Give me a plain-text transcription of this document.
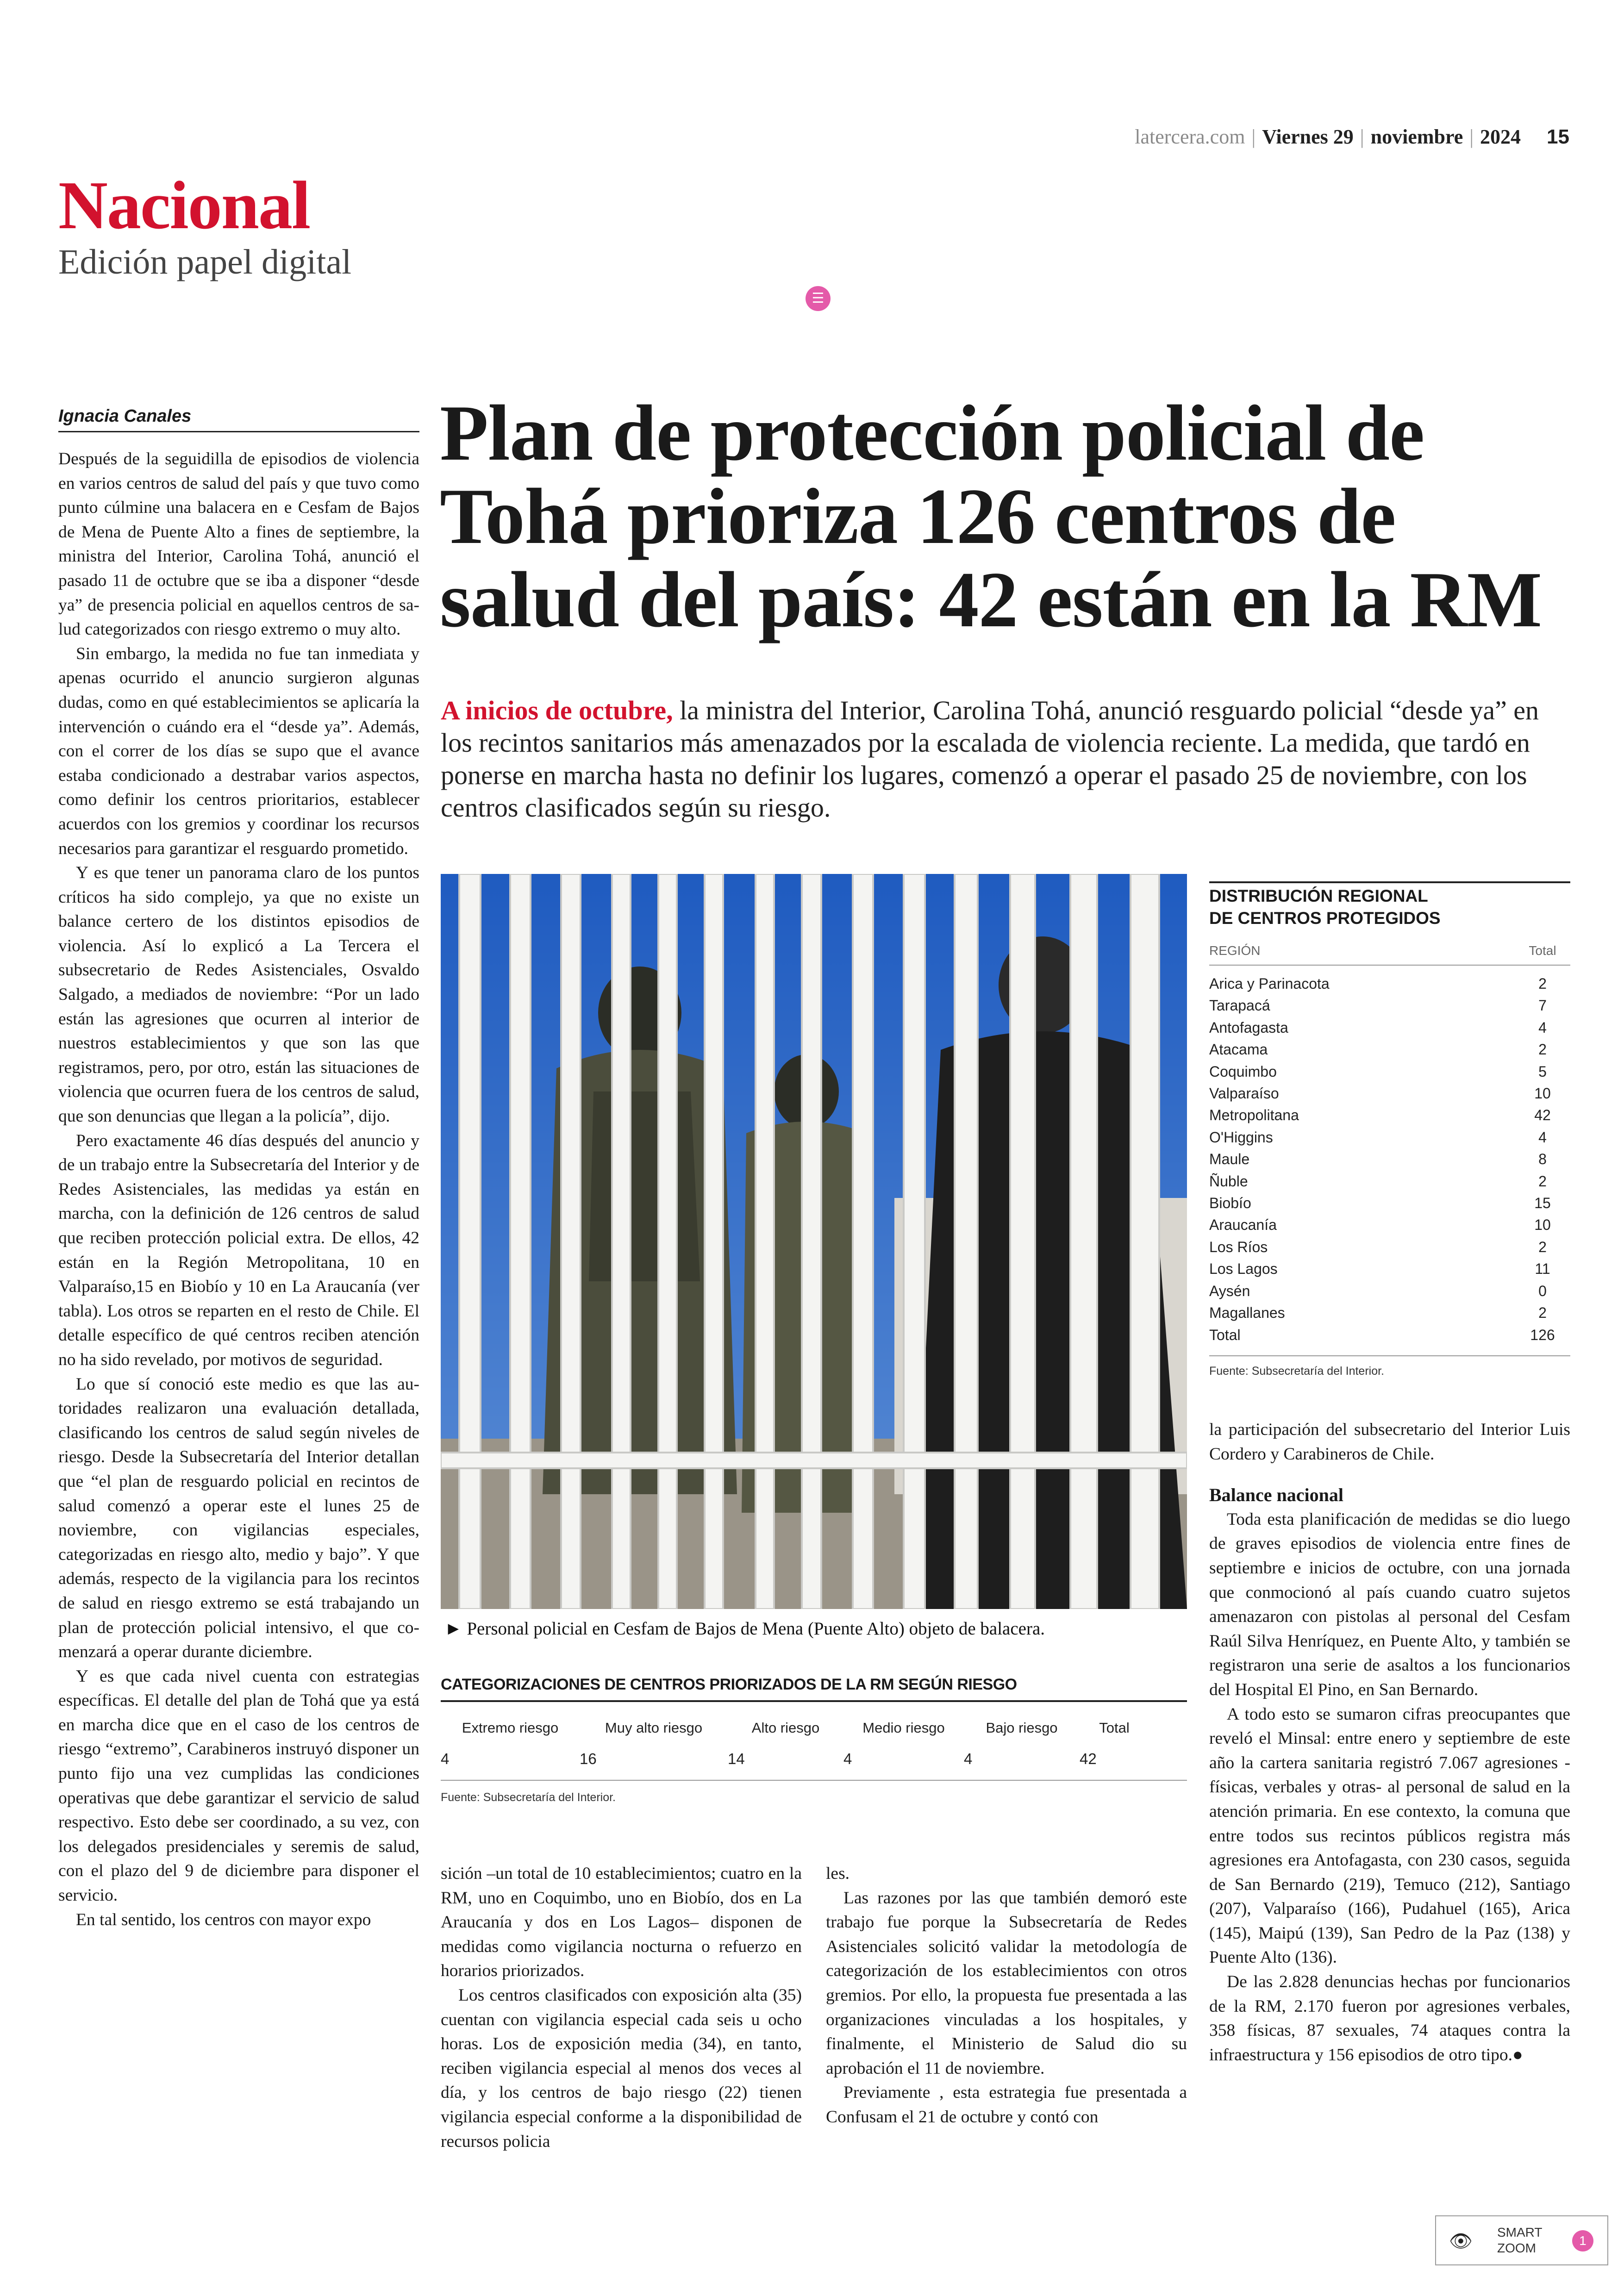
latercera.com | Viernes 29 | noviembre | 2024 15
Nacional
Edición papel digital
☰
Ignacia Canales

Después de la seguidilla de episodios de violencia en varios centros de salud del país y que tuvo como punto cúlmine una balacera en e Cesfam de Bajos de Mena de Puente Alto a fines de septiembre, la ministra del Interior, Carolina Tohá, anunció el pasado 11 de octubre que se iba a disponer “desde ya” de presencia policial en aquellos centros de salud categorizados con riesgo extremo o muy alto.

Sin embargo, la medida no fue tan inmediata y apenas ocurrido el anuncio surgieron algunas dudas, como en qué establecimientos se aplicaría la intervención o cuándo era el “desde ya”. Además, con el correr de los días se supo que el avance estaba condicionado a destrabar varios aspectos, como definir los centros prioritarios, establecer acuerdos con los gremios y coordinar los recursos necesarios para garantizar el resguardo prometido.

Y es que tener un panorama claro de los puntos críticos ha sido complejo, ya que no existe un balance certero de los distintos episodios de violencia. Así lo explicó a La Tercera el subsecretario de Redes Asistenciales, Osvaldo Salgado, a mediados de noviembre: “Por un lado están las agresiones que ocurren al interior de nuestros establecimientos y que son las que registramos, pero, por otro, están las situaciones de violencia que ocurren fuera de los centros de salud, que son denuncias que llegan a la policía”, dijo.

Pero exactamente 46 días después del anuncio y de un trabajo entre la Subsecretaría del Interior y de Redes Asistenciales, las medidas ya están en marcha, con la definición de 126 centros de salud que reciben protección policial extra. De ellos, 42 están en la Región Metropolitana, 10 en Valparaíso,15 en Biobío y 10 en La Araucanía (ver tabla). Los otros se reparten en el resto de Chile. El detalle específico de qué centros reciben atención no ha sido revelado, por motivos de seguridad.

Lo que sí conoció este medio es que las autoridades realizaron una evaluación detallada, clasificando los centros de salud según niveles de riesgo. Desde la Subsecretaría del Interior detallan que “el plan de resguardo policial en recintos de salud comenzó a operar este el lunes 25 de noviembre, con vigilancias especiales, categorizadas en riesgo alto, medio y bajo”. Y que además, respecto de la vigilancia para los recintos de salud en riesgo extremo se está trabajando un plan de protección policial intensivo, el que comenzará a operar durante diciembre.

Y es que cada nivel cuenta con estrategias específicas. El detalle del plan de Tohá que ya está en marcha dice que en el caso de los centros de riesgo “extremo”, Carabineros instruyó disponer un punto fijo una vez cumplidas las condiciones operativas que debe garantizar el servicio de salud respectivo. Esto debe ser coordinado, a su vez, con los delegados presidenciales y seremis de salud, con el plazo del 9 de diciembre para disponer el servicio.

En tal sentido, los centros con mayor expo

Plan de protección policial de Tohá prioriza 126 centros de salud del país: 42 están en la RM
A inicios de octubre, la ministra del Interior, Carolina Tohá, anunció resguardo policial “desde ya” en los recintos sanitarios más amenazados por la escalada de violencia reciente. La medida, que tardó en ponerse en marcha hasta no definir los lugares, comenzó a operar el pasado 25 de noviembre, con los centros clasificados según su riesgo.
► Personal policial en Cesfam de Bajos de Mena (Puente Alto) objeto de balacera.
CATEGORIZACIONES DE CENTROS PRIORIZADOS DE LA RM SEGÚN RIESGO
Extremo riesgo	Muy alto riesgo	Alto riesgo	Medio riesgo	Bajo riesgo	Total
4	16	14	4	4	42
Fuente: Subsecretaría del Interior.

sición –un total de 10 establecimientos; cuatro en la RM, uno en Coquimbo, uno en Biobío, dos en La Araucanía y dos en Los Lagos– disponen de medidas como vigilancia nocturna o refuerzo en horarios priorizados.

Los centros clasificados con exposición alta (35) cuentan con vigilancia especial cada seis u ocho horas. Los de exposición media (34), en tanto, reciben vigilancia especial al menos dos veces al día, y los centros de bajo riesgo (22) tienen vigilancia especial conforme a la disponibilidad de recursos policia

les.

Las razones por las que también demoró este trabajo fue porque la Subsecretaría de Redes Asistenciales solicitó validar la metodología de categorización de los establecimientos con otros gremios. Por ello, la propuesta fue presentada a las organizaciones vinculadas a los hospitales, y finalmente, el Ministerio de Salud dio su aprobación el 11 de noviembre.

Previamente , esta estrategia fue presentada a Confusam el 21 de octubre y contó con

DISTRIBUCIÓN REGIONAL
DE CENTROS PROTEGIDOS
REGIÓN	Total
Arica y Parinacota	2
Tarapacá	7
Antofagasta	4
Atacama	2
Coquimbo	5
Valparaíso	10
Metropolitana	42
O'Higgins	4
Maule	8
Ñuble	2
Biobío	15
Araucanía	10
Los Ríos	2
Los Lagos	11
Aysén	0
Magallanes	2
Total	126
Fuente: Subsecretaría del Interior.

la participación del subsecretario del Interior Luis Cordero y Carabineros de Chile.

Balance nacional

Toda esta planificación de medidas se dio luego de graves episodios de violencia entre fines de septiembre e inicios de octubre, con una jornada que conmocionó al país cuando cuatro sujetos amenazaron con pistolas al personal del Cesfam Raúl Silva Henríquez, en Puente Alto, y también se registraron una serie de asaltos a los funcionarios del Hospital El Pino, en San Bernardo.

A todo esto se sumaron cifras preocupantes que reveló el Minsal: entre enero y septiembre de este año la cartera sanitaria registró 7.067 agresiones -físicas, verbales y otras- al personal de salud en la atención primaria. En ese contexto, la comuna que entre todos sus recintos públicos registra más agresiones era Antofagasta, con 230 casos, seguida de San Bernardo (219), Temuco (212), Santiago (207), Valparaíso (166), Pudahuel (165), Arica (145), Maipú (139), San Pedro de la Paz (138) y Puente Alto (136).

De las 2.828 denuncias hechas por funcionarios de la RM, 2.170 fueron por agresiones verbales, 358 físicas, 87 sexuales, 74 ataques contra la infraestructura y 156 episodios de otro tipo.●

👁 SMART
ZOOM
1
